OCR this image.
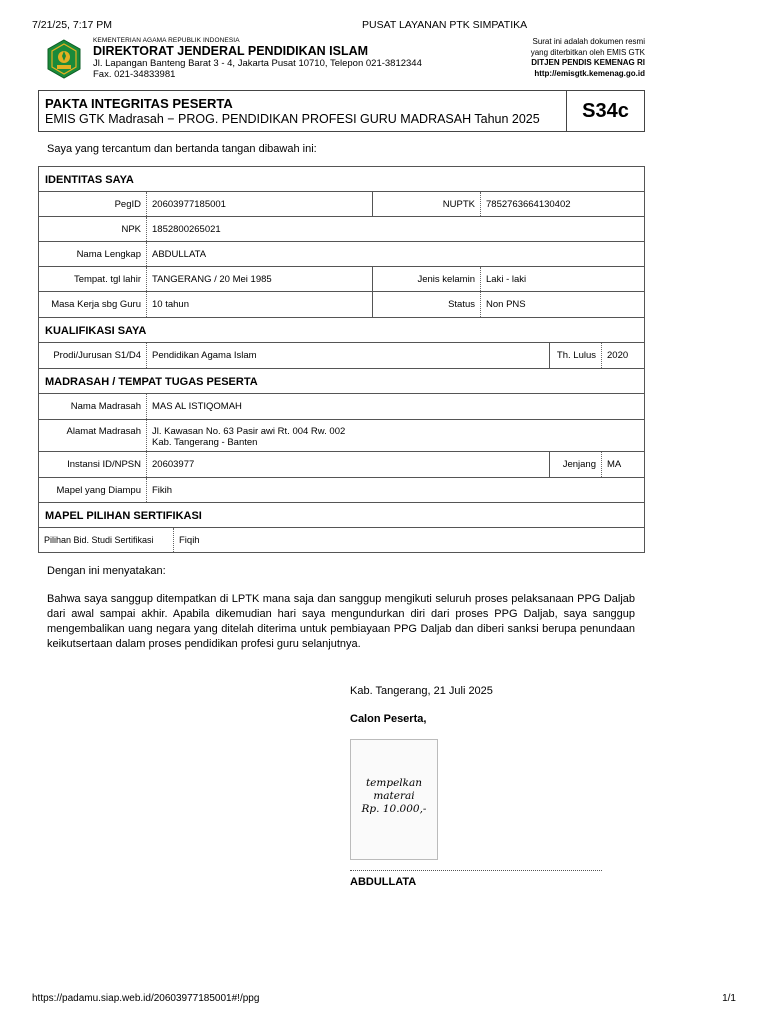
7/21/25, 7:17 PM	PUSAT LAYANAN PTK SIMPATIKA
KEMENTERIAN AGAMA REPUBLIK INDONESIA
DIREKTORAT JENDERAL PENDIDIKAN ISLAM
Jl. Lapangan Banteng Barat 3 - 4, Jakarta Pusat 10710, Telepon 021-3812344
Fax. 021-34833981
Surat ini adalah dokumen resmi
yang diterbitkan oleh EMIS GTK
DITJEN PENDIS KEMENAG RI
http://emisgtk.kemenag.go.id
PAKTA INTEGRITAS PESERTA
EMIS GTK Madrasah − PROG. PENDIDIKAN PROFESI GURU MADRASAH Tahun 2025	S34c
Saya yang tercantum dan bertanda tangan dibawah ini:
IDENTITAS SAYA
PegID	20603977185001	NUPTK	7852763664130402
NPK	1852800265021
Nama Lengkap	ABDULLATA
Tempat. tgl lahir	TANGERANG / 20 Mei 1985	Jenis kelamin	Laki - laki
Masa Kerja sbg Guru	10 tahun	Status	Non PNS
KUALIFIKASI SAYA
Prodi/Jurusan S1/D4	Pendidikan Agama Islam	Th. Lulus	2020
MADRASAH / TEMPAT TUGAS PESERTA
Nama Madrasah	MAS AL ISTIQOMAH
Alamat Madrasah	Jl. Kawasan No. 63 Pasir awi Rt. 004 Rw. 002
Kab. Tangerang - Banten
Instansi ID/NPSN	20603977	Jenjang	MA
Mapel yang Diampu	Fikih
MAPEL PILIHAN SERTIFIKASI
Pilihan Bid. Studi Sertifikasi	Fiqih
Dengan ini menyatakan:
Bahwa saya sanggup ditempatkan di LPTK mana saja dan sanggup mengikuti seluruh proses pelaksanaan PPG Daljab dari awal sampai akhir. Apabila dikemudian hari saya mengundurkan diri dari proses PPG Daljab, saya sanggup mengembalikan uang negara yang ditelah diterima untuk pembiayaan PPG Daljab dan diberi sanksi berupa penundaan keikutsertaan dalam proses pendidikan profesi guru selanjutnya.
Kab. Tangerang, 21 Juli 2025
Calon Peserta,
tempelkan
materai
Rp. 10.000,-
ABDULLATA
https://padamu.siap.web.id/20603977185001#!/ppg	1/1
